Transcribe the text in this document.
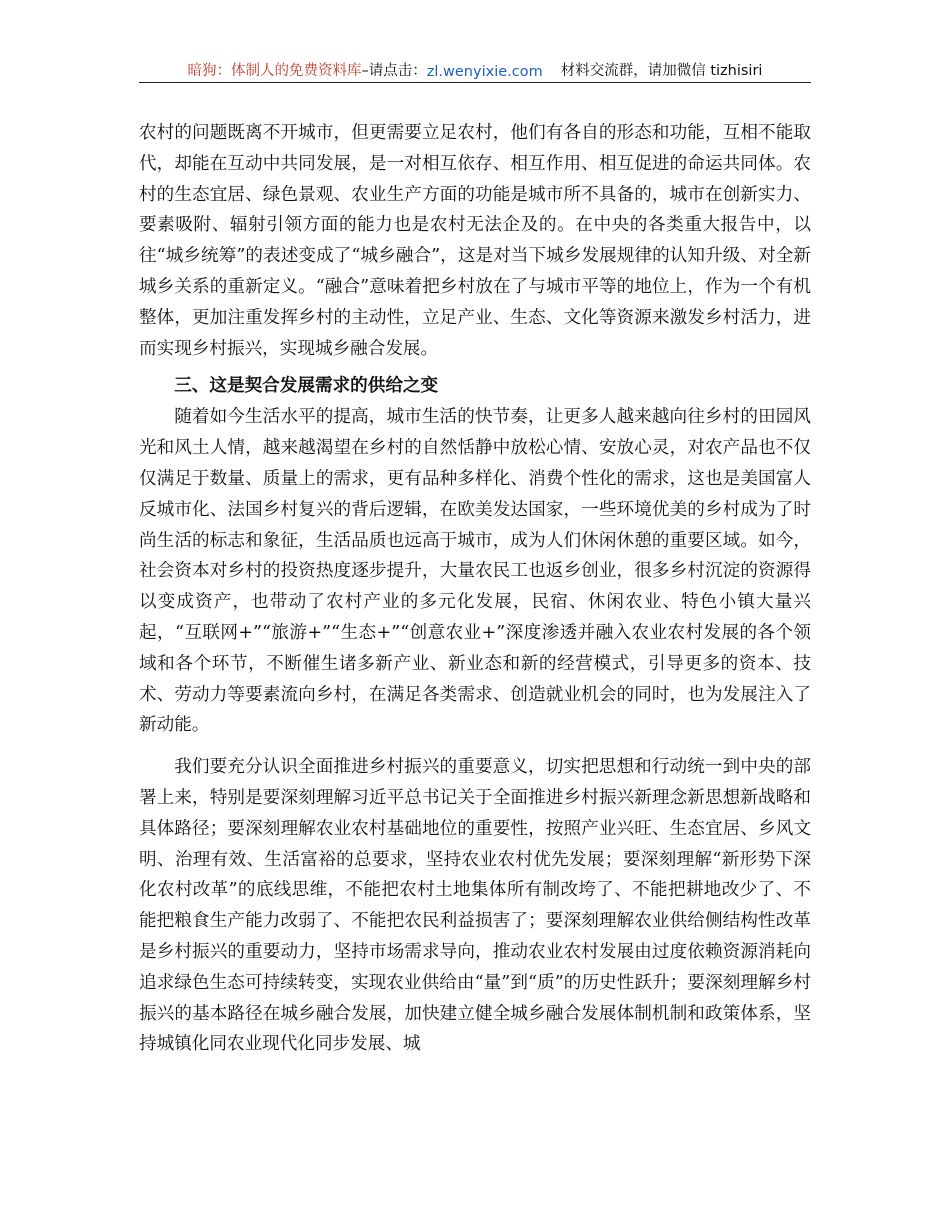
暗狗：体制人的免费资料库 –请点击： zl.wenyixie.com 材料交流群，请加微信 tizhisiri

农村的问题既离不开城市，但更需要立足农村，他们有各自的形态和功能，互相不能取代，却能在互动中共同发展，是一对相互依存、相互作用、相互促进的命运共同体。农村的生态宜居、绿色景观、农业生产方面的功能是城市所不具备的，城市在创新实力、要素吸附、辐射引领方面的能力也是农村无法企及的。在中央的各类重大报告中，以往“城乡统筹”的表述变成了“城乡融合”，这是对当下城乡发展规律的认知升级、对全新城乡关系的重新定义。“融合”意味着把乡村放在了与城市平等的地位上，作为一个有机整体，更加注重发挥乡村的主动性，立足产业、生态、文化等资源来激发乡村活力，进而实现乡村振兴，实现城乡融合发展。

三、这是契合发展需求的供给之变

随着如今生活水平的提高，城市生活的快节奏，让更多人越来越向往乡村的田园风光和风土人情，越来越渴望在乡村的自然恬静中放松心情、安放心灵，对农产品也不仅仅满足于数量、质量上的需求，更有品种多样化、消费个性化的需求，这也是美国富人反城市化、法国乡村复兴的背后逻辑，在欧美发达国家，一些环境优美的乡村成为了时尚生活的标志和象征，生活品质也远高于城市，成为人们休闲休憩的重要区域。如今，社会资本对乡村的投资热度逐步提升，大量农民工也返乡创业，很多乡村沉淀的资源得以变成资产，也带动了农村产业的多元化发展，民宿、休闲农业、特色小镇大量兴起，“互联网+”“旅游+”“生态+”“创意农业+”深度渗透并融入农业农村发展的各个领域和各个环节，不断催生诸多新产业、新业态和新的经营模式，引导更多的资本、技术、劳动力等要素流向乡村，在满足各类需求、创造就业机会的同时，也为发展注入了新动能。

我们要充分认识全面推进乡村振兴的重要意义，切实把思想和行动统一到中央的部署上来，特别是要深刻理解习近平总书记关于全面推进乡村振兴新理念新思想新战略和具体路径；要深刻理解农业农村基础地位的重要性，按照产业兴旺、生态宜居、乡风文明、治理有效、生活富裕的总要求，坚持农业农村优先发展；要深刻理解“新形势下深化农村改革”的底线思维，不能把农村土地集体所有制改垮了、不能把耕地改少了、不能把粮食生产能力改弱了、不能把农民利益损害了；要深刻理解农业供给侧结构性改革是乡村振兴的重要动力，坚持市场需求导向，推动农业农村发展由过度依赖资源消耗向追求绿色生态可持续转变，实现农业供给由“量”到“质”的历史性跃升；要深刻理解乡村振兴的基本路径在城乡融合发展，加快建立健全城乡融合发展体制机制和政策体系，坚持城镇化同农业现代化同步发展、城
